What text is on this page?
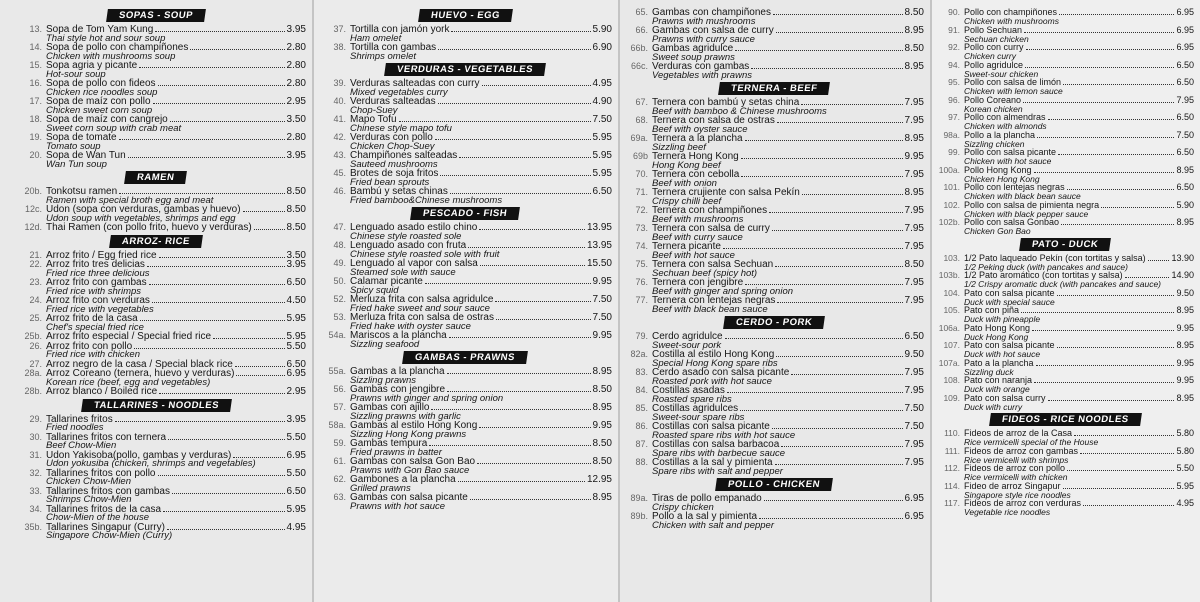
SOPAS - SOUP
13. Sopa de Tom Yam Kung	3.95
Thai style hot and sour soup
14. Sopa de pollo con champiñones	2.80
Chicken with mushrooms soup
15. Sopa agria y picante	2.80
Hot-sour soup
16. Sopa de pollo con fideos	2.80
Chicken rice noodles soup
17. Sopa de maíz con pollo	2.95
Chicken sweet corn soup
18. Sopa de maíz con cangrejo	3.50
Sweet corn soup with crab meat
19. Sopa de tomate	2.80
Tomato soup
20. Sopa de Wan Tun	3.95
Wan Tun soup
RAMEN
20b. Tonkotsu ramen	8.50
Ramen with special broth egg and meat
12c. Udon (sopa con verduras, gambas y huevo)	8.50
Udon soup with vegetables, shrimps and egg
12d. Thai Ramen (con pollo frito, huevo y verduras)	8.50
ARROZ- RICE
21. Arroz frito / Egg fried rice	3.50
22. Arroz frito tres delicias	3.95
Fried rice three delicious
23. Arroz frito con gambas	6.50
Fried rice with shrimps
24. Arroz frito con verduras	4.50
Fried rice with vegetables
25. Arroz frito de la casa	5.95
Chef's special fried rice
25b. Arroz frito especial / Special fried rice	5.95
26. Arroz frito con pollo	5.50
Fried rice with chicken
27. Arroz negro de la casa / Special black rice	6.50
28a. Arroz Coreano (ternera, huevo y verduras)	6.95
Korean rice (beef, egg and vegetables)
28b. Arroz blanco / Boiled rice	2.95
TALLARINES - NOODLES
29. Tallarines fritos	3.95
Fried noodles
30. Tallarines fritos con ternera	5.50
Beef Chow-Mien
31. Udon Yakisoba(pollo, gambas y verduras)	6.95
Udon yokusiba (chicken, shrimps and vegetables)
32. Tallarines fritos con pollo	5.50
Chicken Chow-Mien
33. Tallarines fritos con gambas	6.50
Shrimps Chow-Mien
34. Tallarines fritos de la casa	5.95
Chow-Mien of the house
35b. Tallarines Singapur (Curry)	4.95
Singapore Chow-Mien (Curry)
HUEVO - EGG
37. Tortilla con jamón york	5.90
Ham omelet
38. Tortilla con gambas	6.90
Shrimps omelet
VERDURAS - VEGETABLES
39. Verduras salteadas con curry	4.95
Mixed vegetables curry
40. Verduras salteadas	4.90
Chop-Suey
41. Mapo Tofu	7.50
Chinese style mapo tofu
42. Verduras con pollo	5.95
Chicken Chop-Suey
43. Champiñones salteadas	5.95
Sauteed mushrooms
45. Brotes de soja fritos	5.95
Fried bean sprouts
46. Bambú y setas chinas	6.50
Fried bamboo&Chinese mushrooms
PESCADO - FISH
47. Lenguado asado estilo chino	13.95
Chinese style roasted sole
48. Lenguado asado con fruta	13.95
Chinese style roasted sole with fruit
49. Lenguado al vapor con salsa	15.50
Steamed sole with sauce
50. Calamar picante	9.95
Spicy squid
52. Merluza frita con salsa agridulce	7.50
Fried hake sweet and sour sauce
53. Merluza frita con salsa de ostras	7.50
Fried hake with oyster sauce
54a. Mariscos a la plancha	9.95
Sizzling seafood
GAMBAS - PRAWNS
55a. Gambas a la plancha	8.95
Sizzling prawns
56. Gambas con jengibre	8.50
Prawns with ginger and spring onion
57. Gambas con ajillo	8.95
Sizzling prawns with garlic
58a. Gambas al estilo Hong Kong	9.95
Sizzling Hong Kong prawns
59. Gambas tempura	8.50
Fried prawns in batter
61. Gambas con salsa Gon Bao	8.50
Prawns with Gon Bao sauce
62. Gambones a la plancha	12.95
Grilled prawns
63. Gambas con salsa picante	8.95
Prawns with hot sauce
65. Gambas con champiñones	8.50
Prawns with mushrooms
66. Gambas con salsa de curry	8.95
Prawns with curry sauce
66b. Gambas agridulce	8.50
Sweet soup prawns
66c. Verduras con gambas	8.95
Vegetables with prawns
TERNERA - BEEF
67. Ternera con bambú y setas china	7.95
Beef with bamboo & Chinese mushrooms
68. Ternera con salsa de ostras	7.95
Beef with oyster sauce
69a. Ternera a la plancha	8.95
Sizzling beef
69b Ternera Hong Kong	9.95
Hong Kong beef
70. Ternera con cebolla	7.95
Beef with onion
71. Ternera crujiente con salsa Pekín	8.95
Crispy chilli beef
72. Ternera con champiñones	7.95
Beef with mushrooms
73. Ternera con salsa de curry	7.95
Beef with curry sauce
74. Ternera picante	7.95
Beef with hot sauce
75. Ternera con salsa Sechuan	8.50
Sechuan beef (spicy hot)
76. Ternera con jengibre	7.95
Beef with ginger and spring onion
77. Ternera con lentejas negras	7.95
Beef with black bean sauce
CERDO - PORK
79. Cerdo agridulce	6.50
Sweet-sour pork
82a. Costilla al estilo Hong Kong	9.50
Special Hong Kong spare ribs
83. Cerdo asado con salsa picante	7.95
Roasted pork with hot sauce
84. Costillas asadas	7.95
Roasted spare ribs
85. Costillas agridulces	7.50
Sweet-sour spare ribs
86. Costillas con salsa picante	7.50
Roasted spare ribs with hot sauce
87. Costillas con salsa barbacoa	7.95
Spare ribs with barbecue sauce
88. Costillas a la sal y pimienta	7.95
Spare ribs with salt and pepper
POLLO - CHICKEN
89a. Tiras de pollo empanado	6.95
Crispy chicken
89b. Pollo a la sal y pimienta	6.95
Chicken with salt and pepper
90. Pollo con champiñones	6.95
Chicken with mushrooms
91. Pollo Sechuan	6.95
Sechuan chicken
92. Pollo con curry	6.95
Chicken curry
94. Pollo agridulce	6.50
Sweet-sour chicken
95. Pollo con salsa de limón	6.50
Chicken with lemon sauce
96. Pollo Coreano	7.95
Korean chicken
97. Pollo con almendras	6.50
Chicken with almonds
98a. Pollo a la plancha	7.50
Sizzling chicken
99. Pollo con salsa picante	6.50
Chicken with hot sauce
100a. Pollo Hong Kong	8.95
Chicken Hong Kong
101. Pollo con lentejas negras	6.50
Chicken with black bean sauce
102. Pollo con salsa de pimienta negra	5.90
Chicken with black pepper sauce
102b. Pollo con salsa Gonbao	8.95
Chicken Gon Bao
PATO - DUCK
103. 1/2 Pato laqueado Pekín (con tortitas y salsa)	13.90
1/2 Peking duck (with pancakes and sauce)
103b. 1/2 Pato aromático (con tortitas y salsa)	14.90
1/2 Crispy aromatic duck (with pancakes and sauce)
104. Pato con salsa picante	9.50
Duck with special sauce
105. Pato con piña	8.95
Duck with pineapple
106a. Pato Hong Kong	9.95
Duck Hong Kong
107. Pato con salsa picante	8.95
Duck with hot sauce
107a. Pato a la plancha	9.95
Sizzling duck
108. Pato con naranja	9.95
Duck with orange
109. Pato con salsa curry	8.95
Duck with curry
FIDEOS - RICE NOODLES
110. Fideos de arroz de la Casa	5.80
Rice vermicelli special of the House
111. Fideos de arroz con gambas	5.80
Rice vermicelli with shrimps
112. Fideos de arroz con pollo	5.50
Rice vermicelli with chicken
114. Fideo de arroz Singapur	5.95
Singapore style rice noodles
117. Fideos de arroz con verduras	4.95
Vegetable rice noodles
